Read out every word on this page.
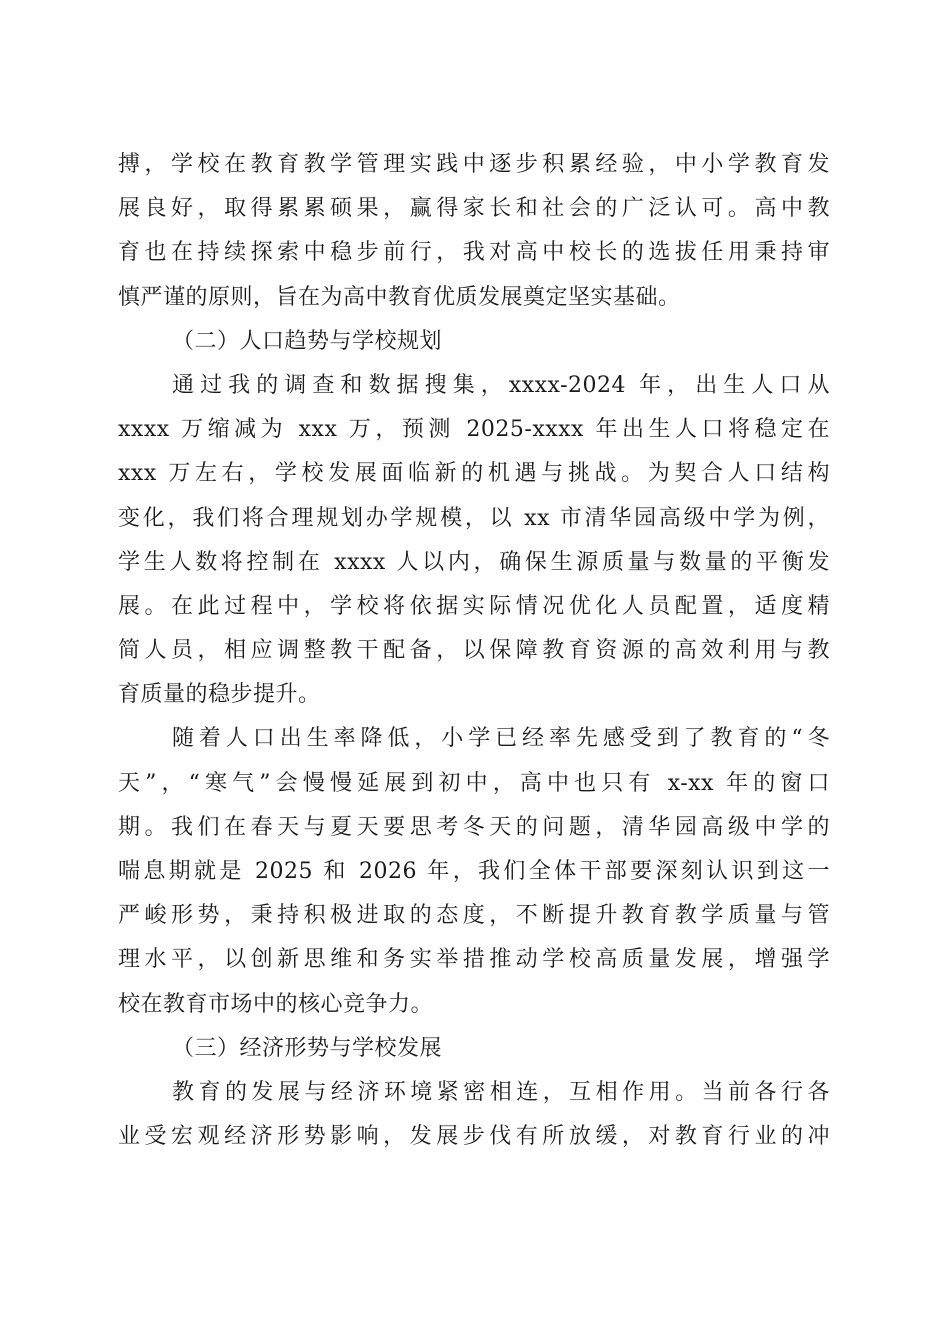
搏，学校在教育教学管理实践中逐步积累经验，中小学教育发
展良好，取得累累硕果，赢得家长和社会的广泛认可。高中教
育也在持续探索中稳步前行，我对高中校长的选拔任用秉持审
慎严谨的原则，旨在为高中教育优质发展奠定坚实基础。
（二）人口趋势与学校规划
通过我的调查和数据搜集，xxxx-2024 年，出生人口从
xxxx 万缩减为 xxx 万，预测 2025-xxxx 年出生人口将稳定在
xxx 万左右，学校发展面临新的机遇与挑战。为契合人口结构
变化，我们将合理规划办学规模，以 xx 市清华园高级中学为例，
学生人数将控制在 xxxx 人以内，确保生源质量与数量的平衡发
展。在此过程中，学校将依据实际情况优化人员配置，适度精
简人员，相应调整教干配备，以保障教育资源的高效利用与教
育质量的稳步提升。
随着人口出生率降低，小学已经率先感受到了教育的“冬
天”，“寒气”会慢慢延展到初中，高中也只有 x-xx 年的窗口
期。我们在春天与夏天要思考冬天的问题，清华园高级中学的
喘息期就是 2025 和 2026 年，我们全体干部要深刻认识到这一
严峻形势，秉持积极进取的态度，不断提升教育教学质量与管
理水平，以创新思维和务实举措推动学校高质量发展，增强学
校在教育市场中的核心竞争力。
（三）经济形势与学校发展
教育的发展与经济环境紧密相连，互相作用。当前各行各
业受宏观经济形势影响，发展步伐有所放缓，对教育行业的冲
